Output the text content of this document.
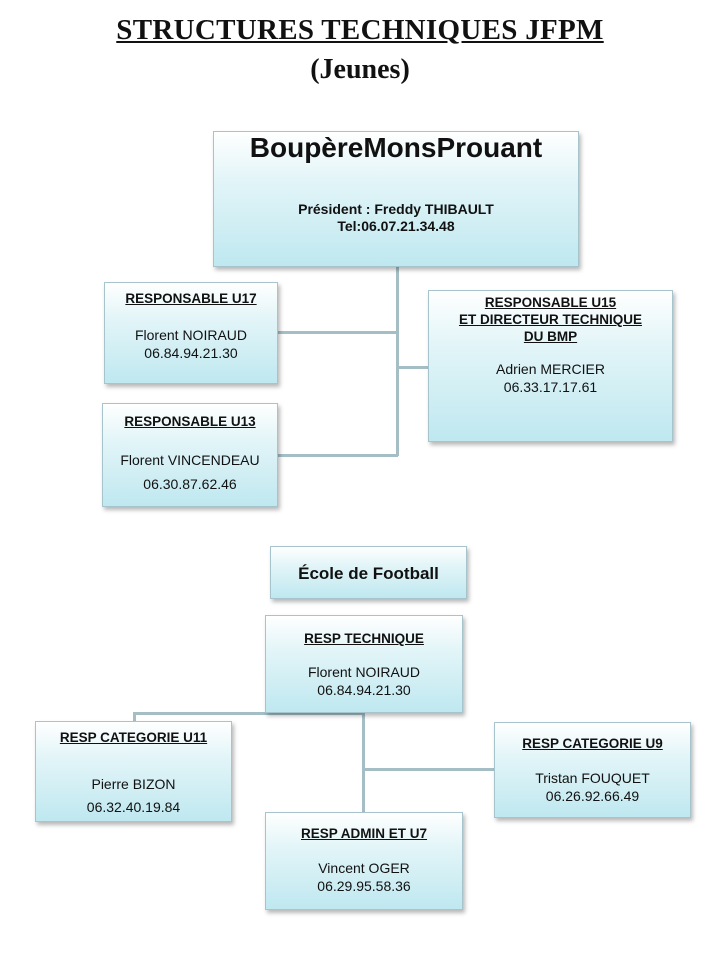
STRUCTURES TECHNIQUES JFPM
(Jeunes)
BoupèreMonsProuant
Président : Freddy THIBAULT
Tel:06.07.21.34.48
RESPONSABLE U17
Florent NOIRAUD
06.84.94.21.30
RESPONSABLE U15
ET DIRECTEUR TECHNIQUE
DU BMP
Adrien MERCIER
06.33.17.17.61
RESPONSABLE U13
Florent VINCENDEAU
06.30.87.62.46
École de Football
RESP TECHNIQUE
Florent NOIRAUD
06.84.94.21.30
RESP CATEGORIE U11
Pierre BIZON
06.32.40.19.84
RESP CATEGORIE U9
Tristan FOUQUET
06.26.92.66.49
RESP ADMIN ET U7
Vincent OGER
06.29.95.58.36
